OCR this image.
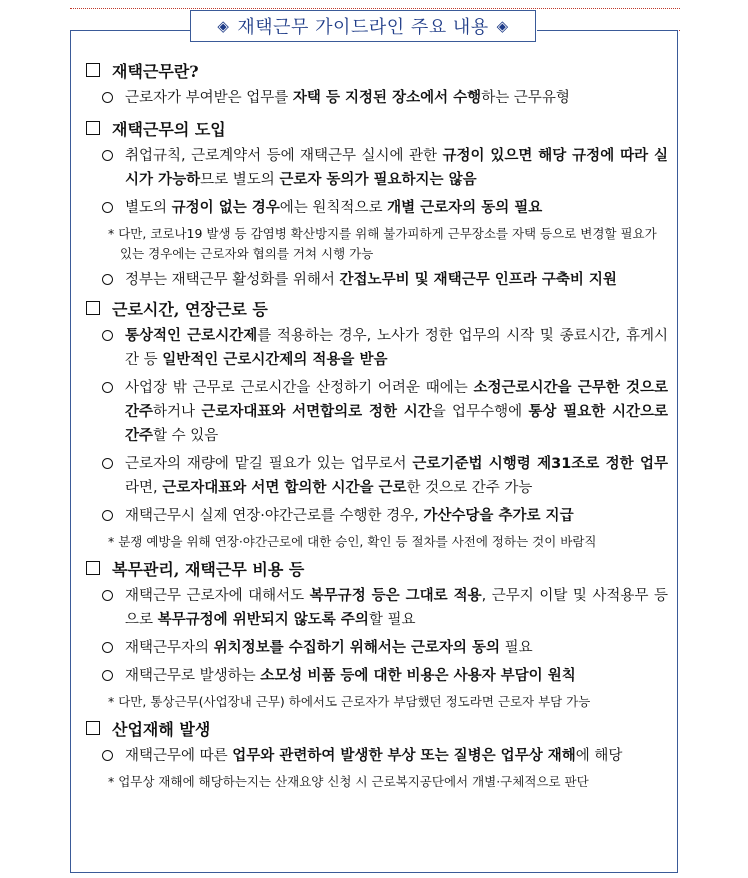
◈ 재택근무 가이드라인 주요 내용 ◈
재택근무란?
근로자가 부여받은 업무를 자택 등 지정된 장소에서 수행하는 근무유형
재택근무의 도입
취업규칙, 근로계약서 등에 재택근무 실시에 관한 규정이 있으면 해당 규정에 따라 실시가 가능하므로 별도의 근로자 동의가 필요하지는 않음
별도의 규정이 없는 경우에는 원칙적으로 개별 근로자의 동의 필요
* 다만, 코로나19 발생 등 감염병 확산방지를 위해 불가피하게 근무장소를 자택 등으로 변경할 필요가 있는 경우에는 근로자와 협의를 거쳐 시행 가능
정부는 재택근무 활성화를 위해서 간접노무비 및 재택근무 인프라 구축비 지원
근로시간, 연장근로 등
통상적인 근로시간제를 적용하는 경우, 노사가 정한 업무의 시작 및 종료시간, 휴게시간 등 일반적인 근로시간제의 적용을 받음
사업장 밖 근무로 근로시간을 산정하기 어려운 때에는 소정근로시간을 근무한 것으로 간주하거나 근로자대표와 서면합의로 정한 시간을 업무수행에 통상 필요한 시간으로 간주할 수 있음
근로자의 재량에 맡길 필요가 있는 업무로서 근로기준법 시행령 제31조로 정한 업무라면, 근로자대표와 서면 합의한 시간을 근로한 것으로 간주 가능
재택근무시 실제 연장·야간근로를 수행한 경우, 가산수당을 추가로 지급
* 분쟁 예방을 위해 연장·야간근로에 대한 승인, 확인 등 절차를 사전에 정하는 것이 바람직
복무관리, 재택근무 비용 등
재택근무 근로자에 대해서도 복무규정 등은 그대로 적용, 근무지 이탈 및 사적용무 등으로 복무규정에 위반되지 않도록 주의할 필요
재택근무자의 위치정보를 수집하기 위해서는 근로자의 동의 필요
재택근무로 발생하는 소모성 비품 등에 대한 비용은 사용자 부담이 원칙
* 다만, 통상근무(사업장내 근무) 하에서도 근로자가 부담했던 정도라면 근로자 부담 가능
산업재해 발생
재택근무에 따른 업무와 관련하여 발생한 부상 또는 질병은 업무상 재해에 해당
* 업무상 재해에 해당하는지는 산재요양 신청 시 근로복지공단에서 개별·구체적으로 판단
